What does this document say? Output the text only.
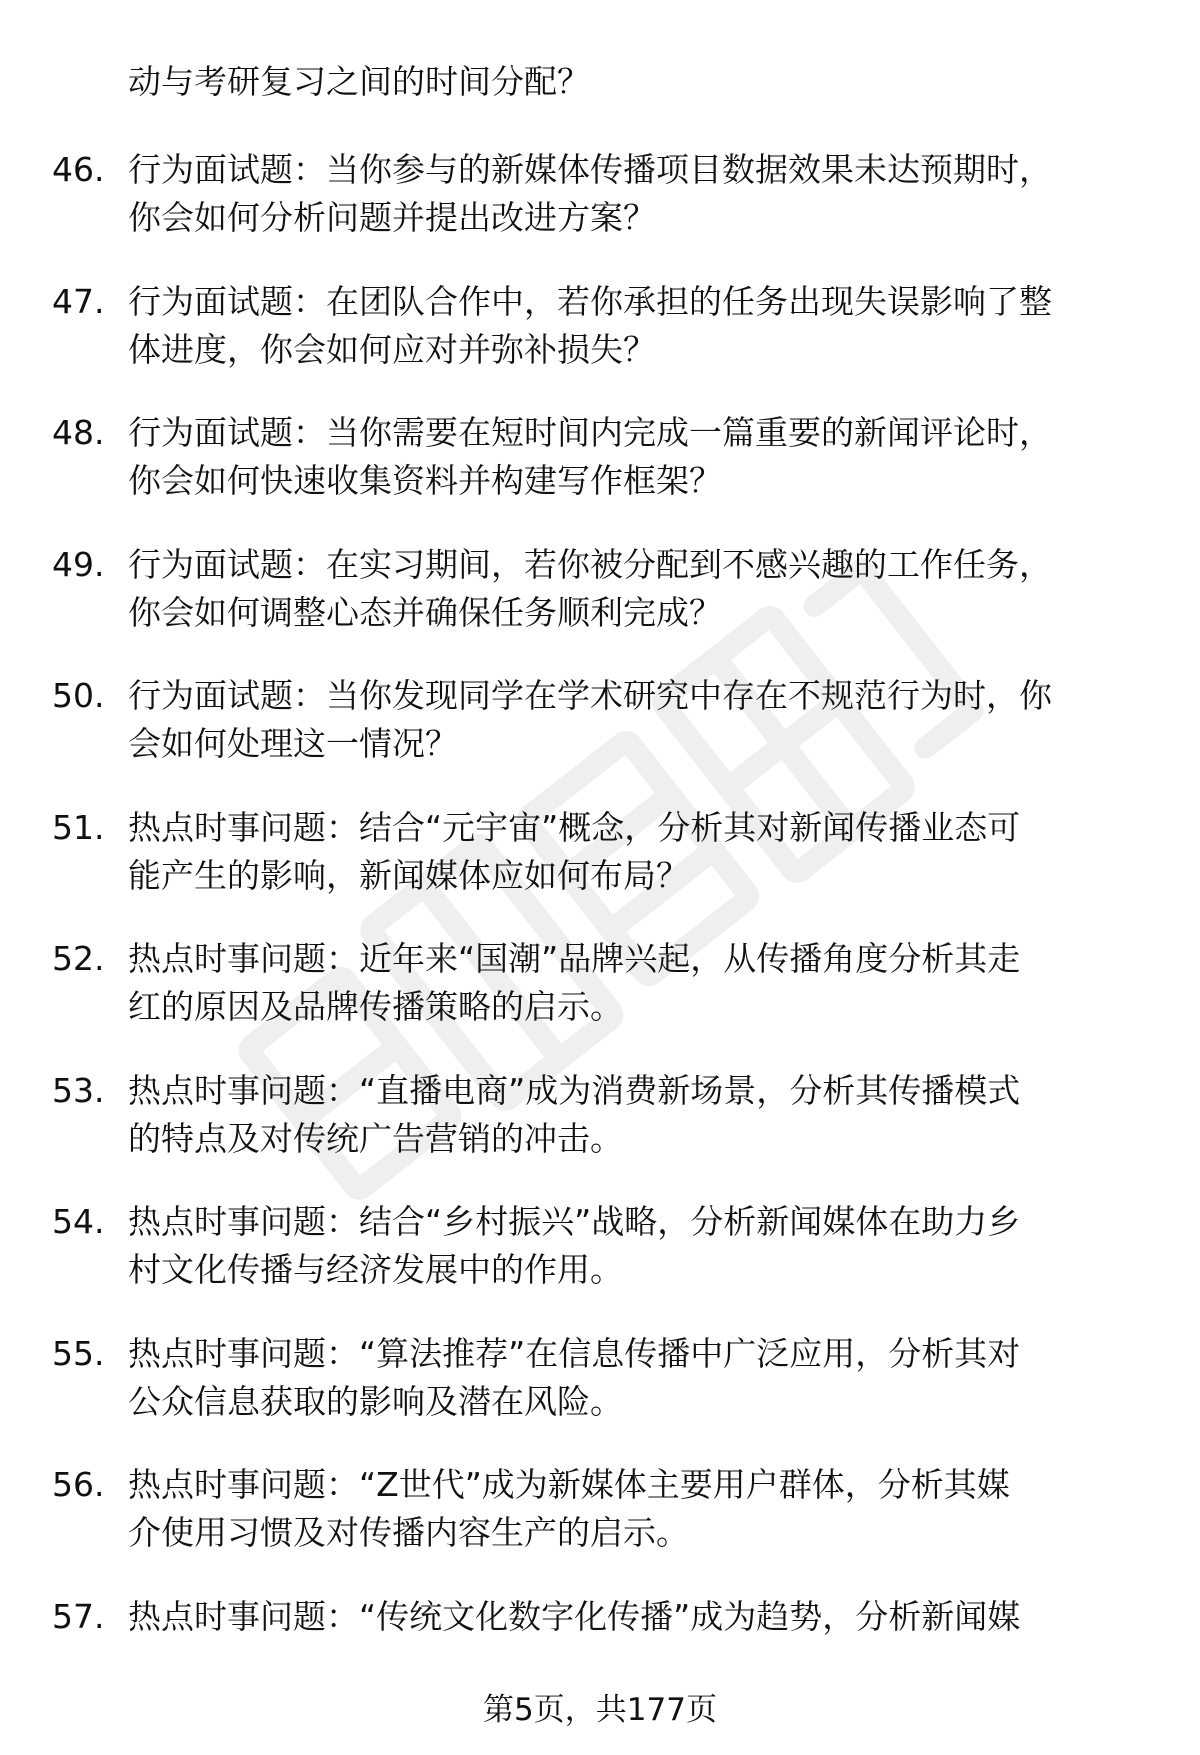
动与考研复习之间的时间分配？
46. 行为面试题：当你参与的新媒体传播项目数据效果未达预期时，
你会如何分析问题并提出改进方案？
47. 行为面试题：在团队合作中，若你承担的任务出现失误影响了整
体进度，你会如何应对并弥补损失？
48. 行为面试题：当你需要在短时间内完成一篇重要的新闻评论时，
你会如何快速收集资料并构建写作框架？
49. 行为面试题：在实习期间，若你被分配到不感兴趣的工作任务，
你会如何调整心态并确保任务顺利完成？
50. 行为面试题：当你发现同学在学术研究中存在不规范行为时，你
会如何处理这一情况？
51. 热点时事问题：结合“元宇宙”概念，分析其对新闻传播业态可
能产生的影响，新闻媒体应如何布局？
52. 热点时事问题：近年来“国潮”品牌兴起，从传播角度分析其走
红的原因及品牌传播策略的启示。
53. 热点时事问题：“直播电商”成为消费新场景，分析其传播模式
的特点及对传统广告营销的冲击。
54. 热点时事问题：结合“乡村振兴”战略，分析新闻媒体在助力乡
村文化传播与经济发展中的作用。
55. 热点时事问题：“算法推荐”在信息传播中广泛应用，分析其对
公众信息获取的影响及潜在风险。
56. 热点时事问题：“Z世代”成为新媒体主要用户群体，分析其媒
介使用习惯及对传播内容生产的启示。
57. 热点时事问题：“传统文化数字化传播”成为趋势，分析新闻媒
第5页，共177页
